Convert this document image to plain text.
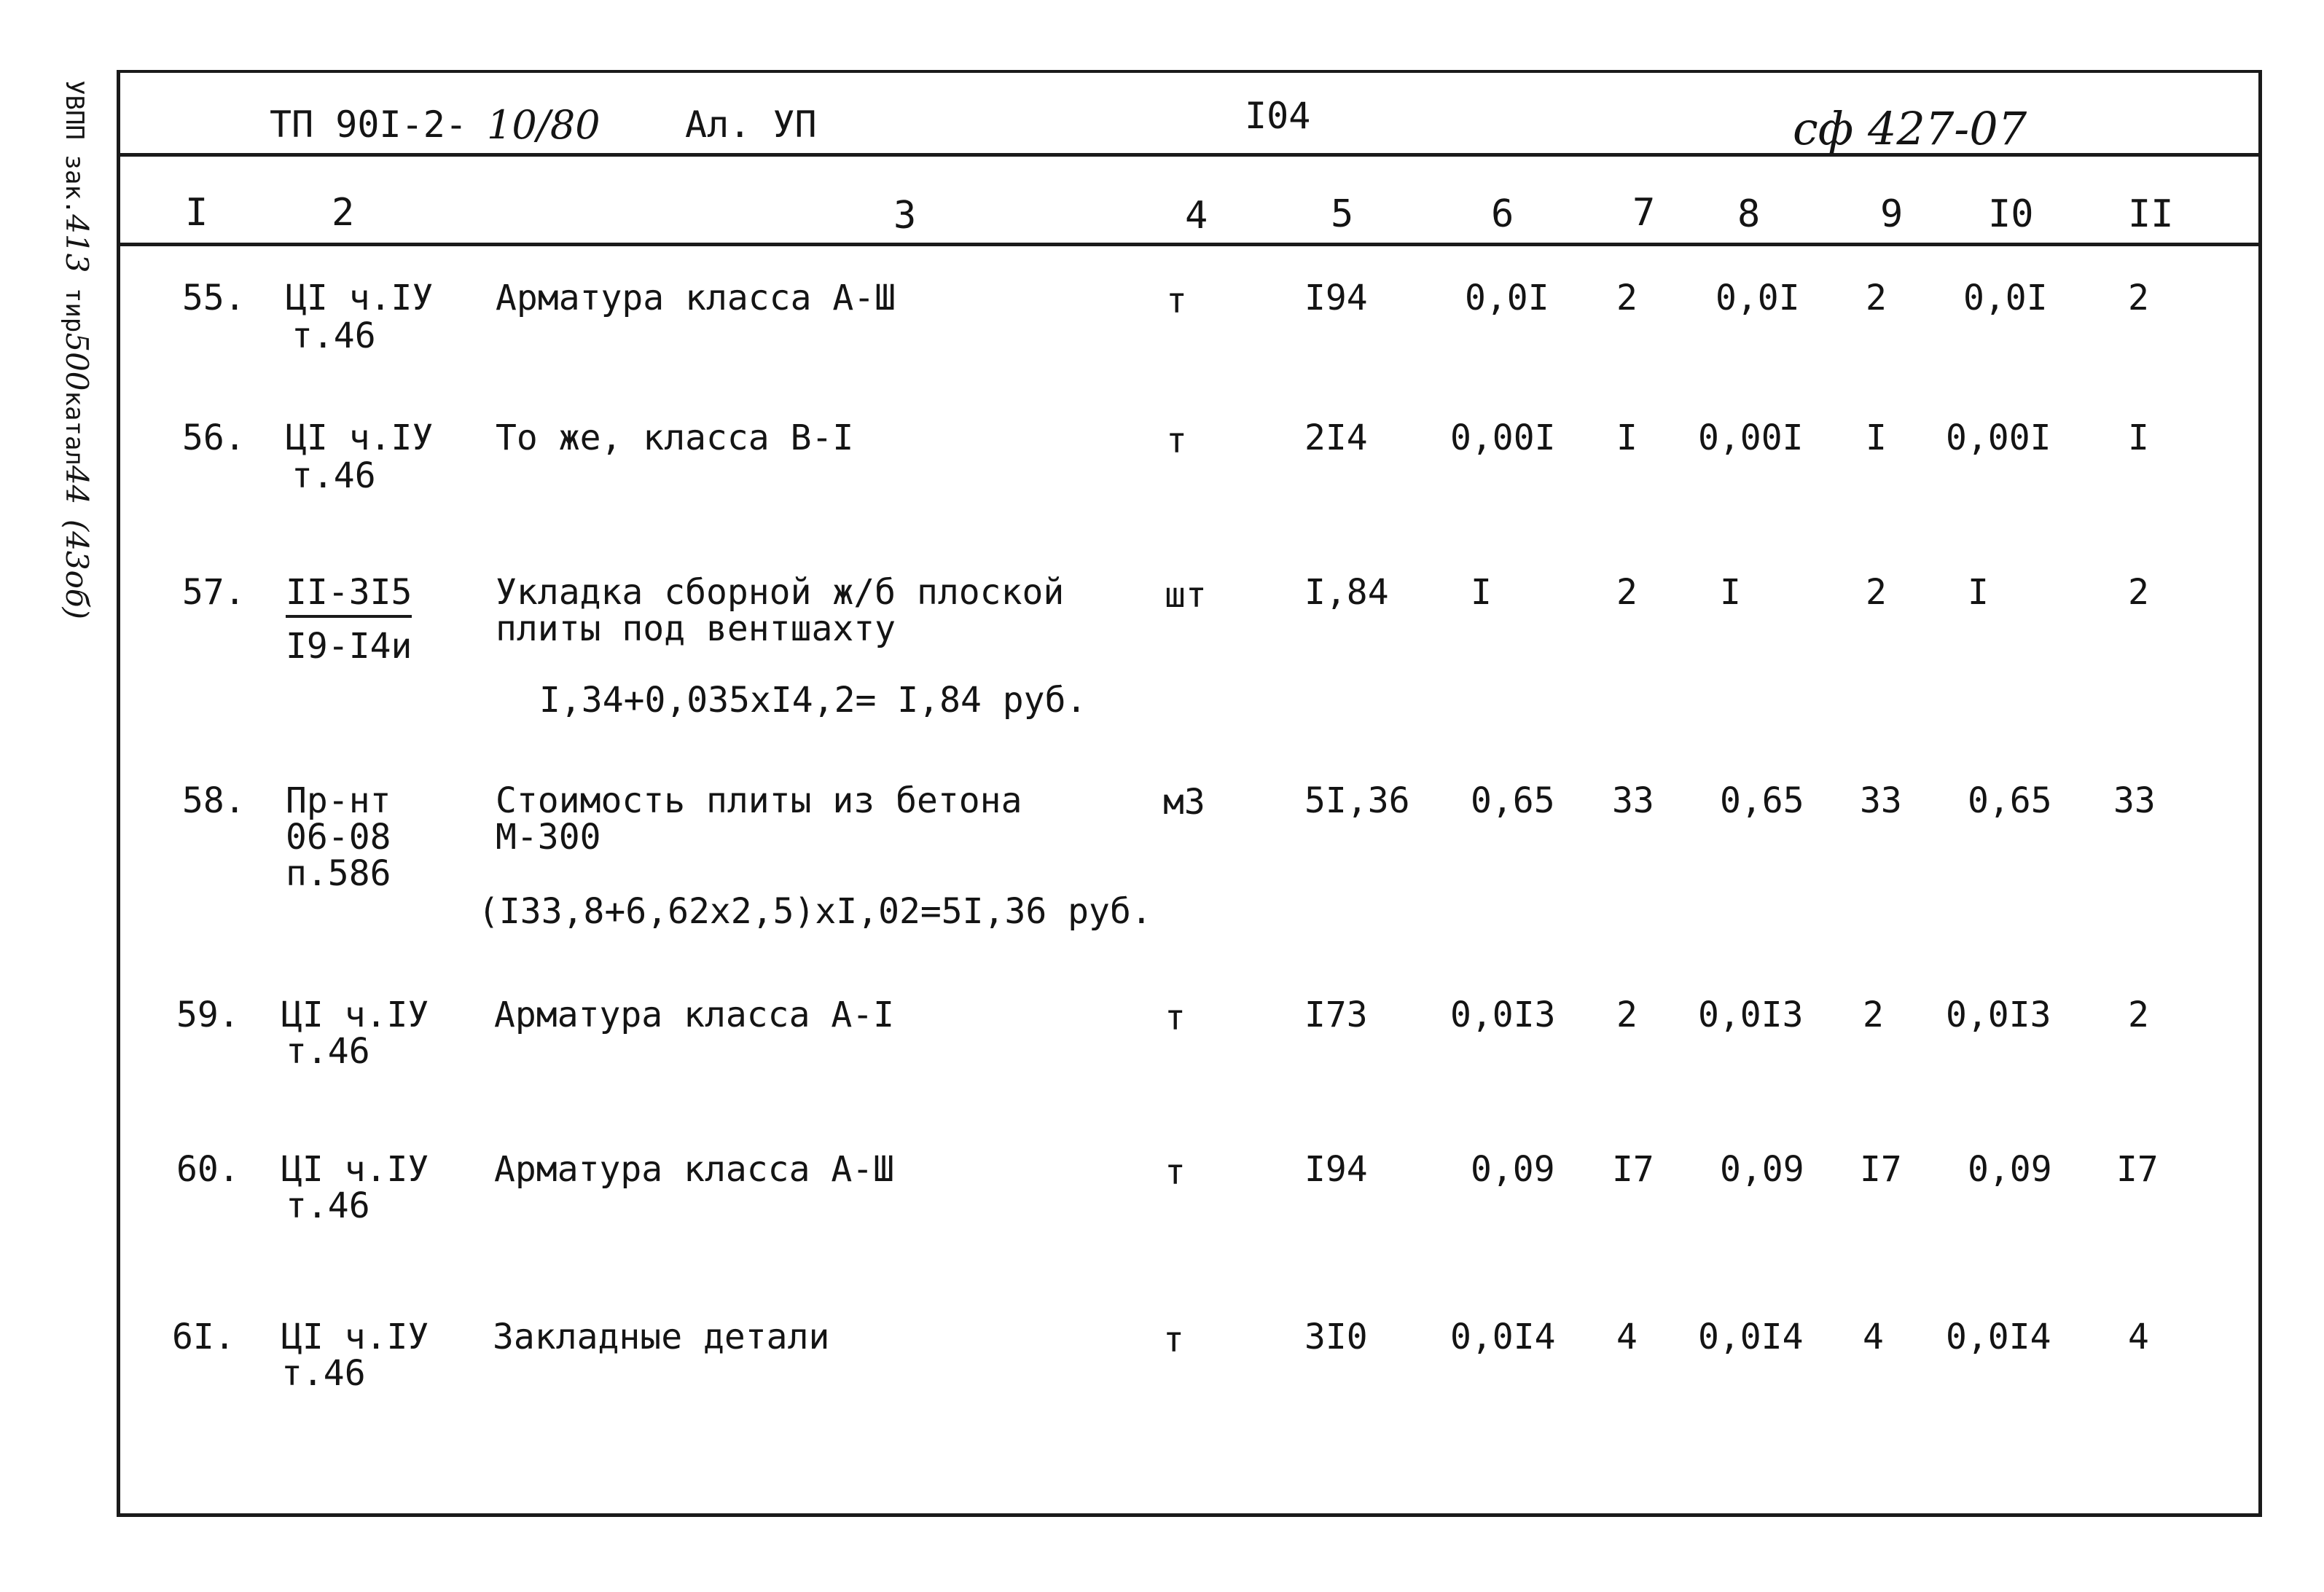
УВПП зак.413 тир500катал44 (43об)
ТП 90I-2- 10/80 Ал. УП	I04	сф 427-07
I	2	3	4	5	6	7 8	9 I0 II
55. ЦI ч.IУ
т.46
Арматура класса А-Ш	т	I94	0,0I 2 0,0I 2 0,0I 2
56. ЦI ч.IУ
т.46
То же, класса В-I	т	2I4 0,00I I 0,00I I 0,00I I
57. II-3I5
I9-I4и
Укладка сборной ж/б плоской
плиты под вентшахту
I,34+0,035хI4,2= I,84 руб.
шт	I,84 I	2 I	2 I	2
58. Пр-нт
06-08
п.586
Стоимость плиты из бетона
М-300
(I33,8+6,62х2,5)хI,02=5I,36 руб.
м3	5I,36 0,65 33 0,65 33 0,65 33
59. ЦI ч.IУ
т.46
Арматура класса А-I	т	I73 0,0I3 2 0,0I3 2 0,0I3 2
60. ЦI ч.IУ
т.46
Арматура класса А-Ш	т	I94	0,09 I7 0,09 I7 0,09 I7
6I. ЦI ч.IУ
т.46
Закладные детали	т	3I0 0,0I4 4 0,0I4 4 0,0I4 4
